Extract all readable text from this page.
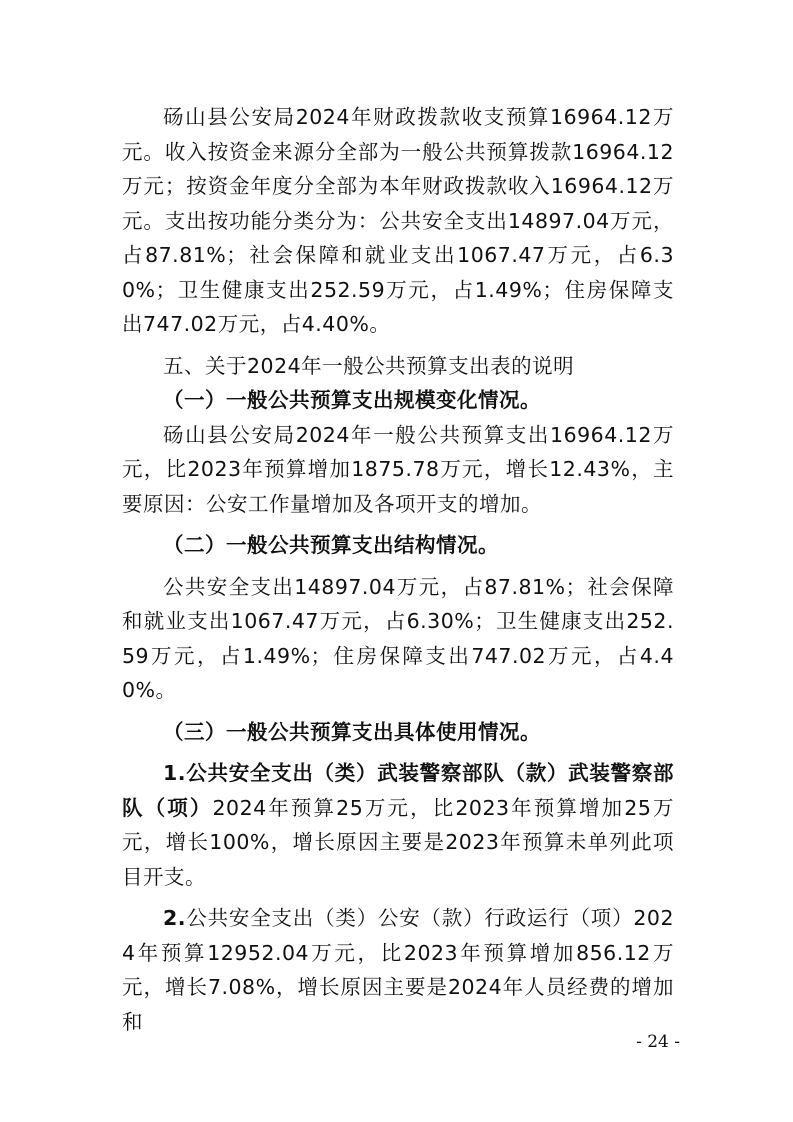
砀山县公安局2024年财政拨款收支预算16964.12万元。收入按资金来源分全部为一般公共预算拨款16964.12万元；按资金年度分全部为本年财政拨款收入16964.12万元。支出按功能分类分为：公共安全支出14897.04万元，占87.81%；社会保障和就业支出1067.47万元，占6.30%；卫生健康支出252.59万元，占1.49%；住房保障支出747.02万元，占4.40%。

五、关于2024年一般公共预算支出表的说明

（一）一般公共预算支出规模变化情况。

砀山县公安局2024年一般公共预算支出16964.12万元，比2023年预算增加1875.78万元，增长12.43%，主要原因：公安工作量增加及各项开支的增加。

（二）一般公共预算支出结构情况。

公共安全支出14897.04万元，占87.81%；社会保障和就业支出1067.47万元，占6.30%；卫生健康支出252.59万元，占1.49%；住房保障支出747.02万元，占4.40%。

（三）一般公共预算支出具体使用情况。

1.公共安全支出（类）武装警察部队（款）武装警察部队（项）2024年预算25万元，比2023年预算增加25万元，增长100%，增长原因主要是2023年预算未单列此项目开支。

2.公共安全支出（类）公安（款）行政运行（项）2024年预算12952.04万元，比2023年预算增加856.12万元，增长7.08%，增长原因主要是2024年人员经费的增加和

- 24 -
